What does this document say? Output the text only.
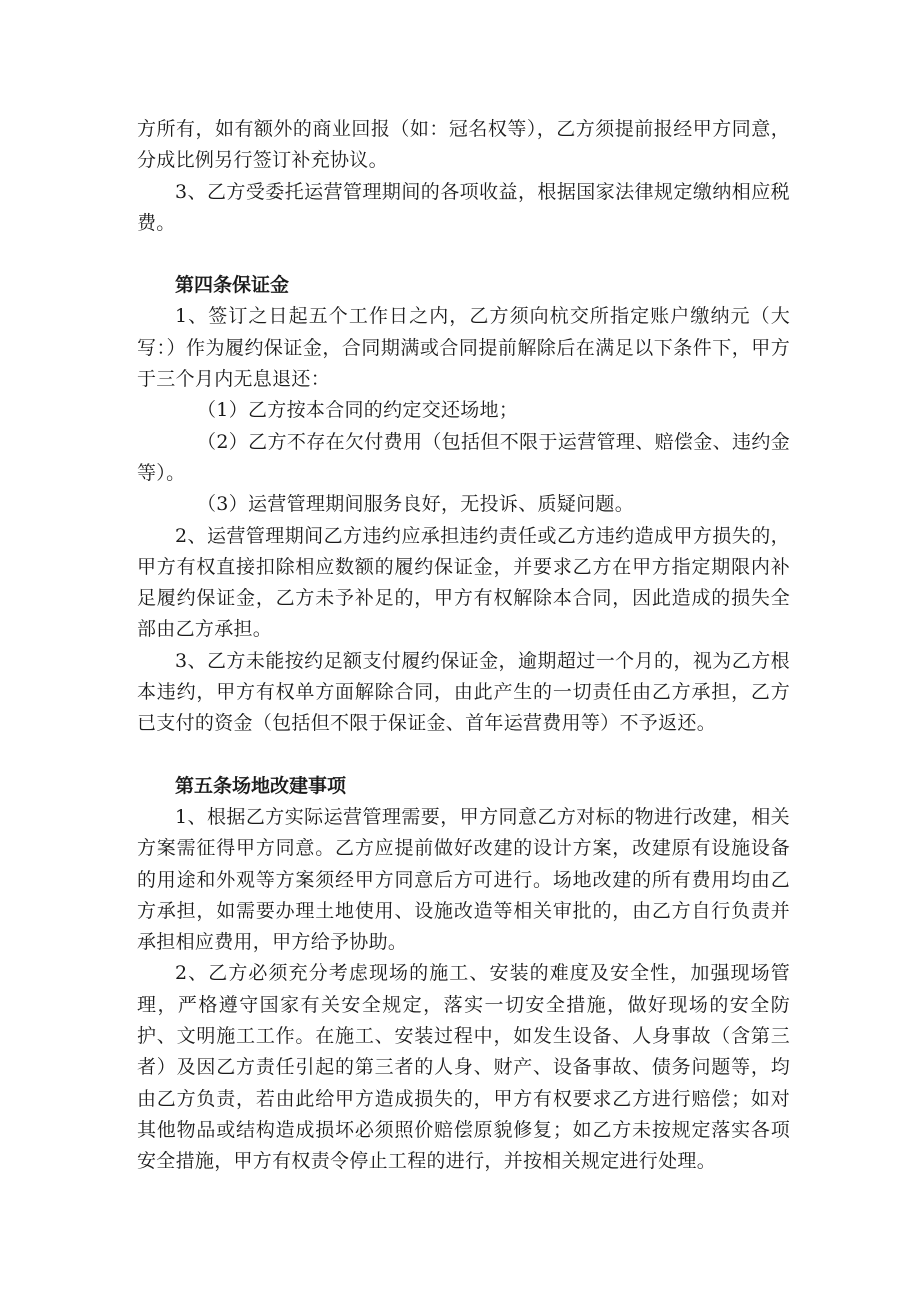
方所有，如有额外的商业回报（如：冠名权等），乙方须提前报经甲方同意，分成比例另行签订补充协议。

3、乙方受委托运营管理期间的各项收益，根据国家法律规定缴纳相应税费。

第四条保证金

1、签订之日起五个工作日之内，乙方须向杭交所指定账户缴纳元（大写：）作为履约保证金，合同期满或合同提前解除后在满足以下条件下，甲方于三个月内无息退还：

（1）乙方按本合同的约定交还场地；

（2）乙方不存在欠付费用（包括但不限于运营管理、赔偿金、违约金等）。

（3）运营管理期间服务良好，无投诉、质疑问题。

2、运营管理期间乙方违约应承担违约责任或乙方违约造成甲方损失的，甲方有权直接扣除相应数额的履约保证金，并要求乙方在甲方指定期限内补足履约保证金，乙方未予补足的，甲方有权解除本合同，因此造成的损失全部由乙方承担。

3、乙方未能按约足额支付履约保证金，逾期超过一个月的，视为乙方根本违约，甲方有权单方面解除合同，由此产生的一切责任由乙方承担，乙方已支付的资金（包括但不限于保证金、首年运营费用等）不予返还。

第五条场地改建事项

1、根据乙方实际运营管理需要，甲方同意乙方对标的物进行改建，相关方案需征得甲方同意。乙方应提前做好改建的设计方案，改建原有设施设备的用途和外观等方案须经甲方同意后方可进行。场地改建的所有费用均由乙方承担，如需要办理土地使用、设施改造等相关审批的，由乙方自行负责并承担相应费用，甲方给予协助。

2、乙方必须充分考虑现场的施工、安装的难度及安全性，加强现场管理，严格遵守国家有关安全规定，落实一切安全措施，做好现场的安全防护、文明施工工作。在施工、安装过程中，如发生设备、人身事故（含第三者）及因乙方责任引起的第三者的人身、财产、设备事故、债务问题等，均由乙方负责，若由此给甲方造成损失的，甲方有权要求乙方进行赔偿；如对其他物品或结构造成损坏必须照价赔偿原貌修复；如乙方未按规定落实各项安全措施，甲方有权责令停止工程的进行，并按相关规定进行处理。
